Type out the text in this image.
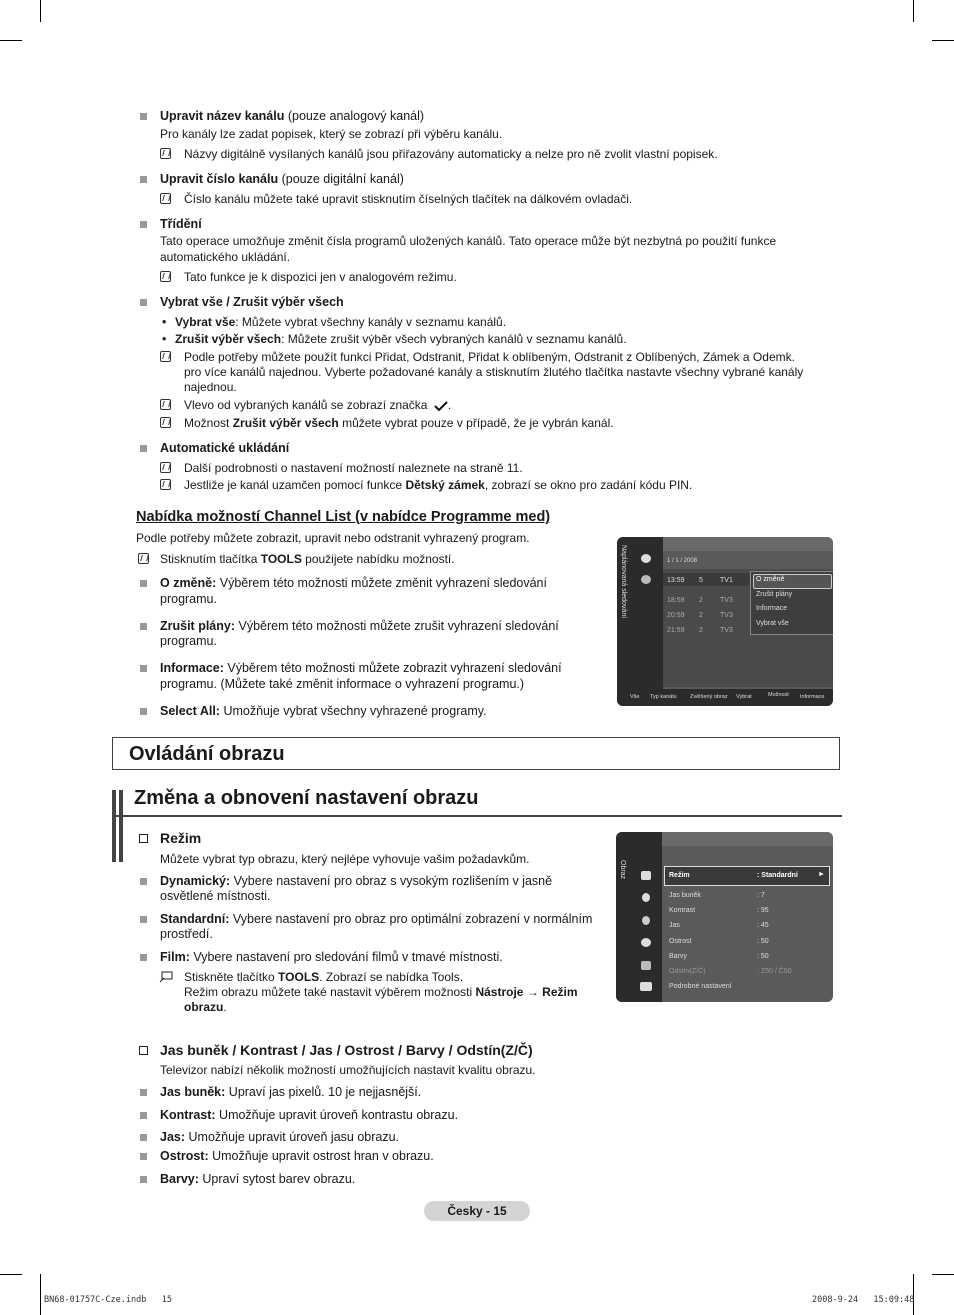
Upravit název kanálu (pouze analogový kanál)
Pro kanály lze zadat popisek, který se zobrazí při výběru kanálu.
Názvy digitálně vysílaných kanálů jsou přiřazovány automaticky a nelze pro ně zvolit vlastní popisek.
Upravit číslo kanálu (pouze digitální kanál)
Číslo kanálu můžete také upravit stisknutím číselných tlačítek na dálkovém ovladači.
Třídění
Tato operace umožňuje změnit čísla programů uložených kanálů. Tato operace může být nezbytná po použití funkce
automatického ukládání.
Tato funkce je k dispozici jen v analogovém režimu.
Vybrat vše / Zrušit výběr všech
• Vybrat vše: Můžete vybrat všechny kanály v seznamu kanálů.
• Zrušit výběr všech: Můžete zrušit výběr všech vybraných kanálů v seznamu kanálů.
Podle potřeby můžete použít funkci Přidat, Odstranit, Přidat k oblíbeným, Odstranit z Oblíbených, Zámek a Odemk.
pro více kanálů najednou. Vyberte požadované kanály a stisknutím žlutého tlačítka nastavte všechny vybrané kanály
najednou.
Vlevo od vybraných kanálů se zobrazí značka .
Možnost Zrušit výběr všech můžete vybrat pouze v případě, že je vybrán kanál.
Automatické ukládání
Další podrobnosti o nastavení možností naleznete na straně 11.
Jestliže je kanál uzamčen pomocí funkce Dětský zámek, zobrazí se okno pro zadání kódu PIN.
Nabídka možností Channel List (v nabídce Programme med)
Podle potřeby můžete zobrazit, upravit nebo odstranit vyhrazený program.
Stisknutím tlačítka TOOLS použijete nabídku možností.
O změně: Výběrem této možnosti můžete změnit vyhrazení sledování
programu.
Zrušit plány: Výběrem této možnosti můžete zrušit vyhrazení sledování
programu.
Informace: Výběrem této možnosti můžete zobrazit vyhrazení sledování
programu. (Můžete také změnit informace o vyhrazení programu.)
Select All: Umožňuje vybrat všechny vyhrazené programy.
Naplánovaná sledování	1 / 1 / 2008
13:59 5 TV1
18:59 2 TV3
20:59 2 TV3
21:59 2 TV3
O změně
Zrušit plány
Informace
Vybrat vše
Vše Typ kanálu Zvětšený obraz Vybrat	Možnost Informace
Ovládání obrazu
Změna a obnovení nastavení obrazu
Režim
Můžete vybrat typ obrazu, který nejlépe vyhovuje vašim požadavkům.
Dynamický: Vybere nastavení pro obraz s vysokým rozlišením v jasně
osvětlené místnosti.
Standardní: Vybere nastavení pro obraz pro optimální zobrazení v normálním
prostředí.
Film: Vybere nastavení pro sledování filmů v tmavé místnosti.
Stiskněte tlačítko TOOLS. Zobrazí se nabídka Tools.
Režim obrazu můžete také nastavit výběrem možnosti Nástroje → Režim
obrazu.
Obraz	Režim	: Standardní	►
Jas buněk	: 7
Kontrast	: 95
Jas	: 45
Ostrost	: 50
Barvy	: 50
Odstín(Z/Č)	: Z50 / Č50
Podrobné nastavení
Jas buněk / Kontrast / Jas / Ostrost / Barvy / Odstín(Z/Č)
Televizor nabízí několik možností umožňujících nastavit kvalitu obrazu.
Jas buněk: Upraví jas pixelů. 10 je nejjasnější.
Kontrast: Umožňuje upravit úroveň kontrastu obrazu.
Jas: Umožňuje upravit úroveň jasu obrazu.
Ostrost: Umožňuje upravit ostrost hran v obrazu.
Barvy: Upraví sytost barev obrazu.
Česky - 15
BN68-01757C-Cze.indb   15	2008-9-24   15:09:48
